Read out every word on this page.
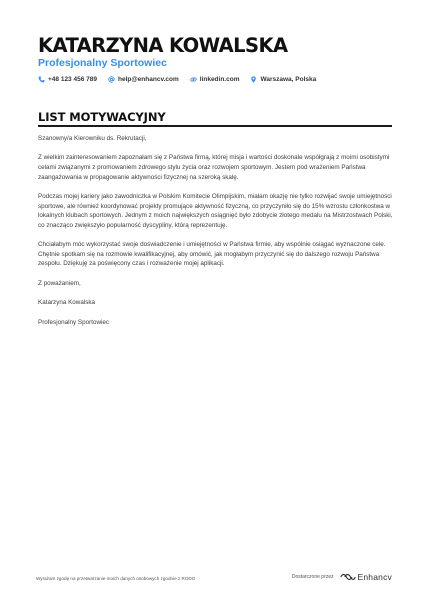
KATARZYNA KOWALSKA
Profesjonalny Sportowiec
+48 123 456 789	help@enhancv.com	linkedin.com	Warszawa, Polska
LIST MOTYWACYJNY

Szanowny/a Kierowniku ds. Rekrutacji,

Z wielkim zainteresowaniem zapoznałam się z Państwa firmą, której misja i wartości doskonale współgrają z moimi osobistymi celami związanymi z promowaniem zdrowego stylu życia oraz rozwojem sportowym. Jestem pod wrażeniem Państwa zaangażowania w propagowanie aktywności fizycznej na szeroką skalę.

Podczas mojej kariery jako zawodniczka w Polskim Komitecie Olimpijskim, miałam okazję nie tylko rozwijać swoje umiejętności sportowe, ale również koordynować projekty promujące aktywność fizyczną, co przyczyniło się do 15% wzrostu członkostwa w lokalnych klubach sportowych. Jednym z moich największych osiągnięć było zdobycie złotego medalu na Mistrzostwach Polski, co znacząco zwiększyło popularność dyscypliny, którą reprezentuję.

Chciałabym móc wykorzystać swoje doświadczenie i umiejętności w Państwa firmie, aby wspólnie osiągać wyznaczone cele. Chętnie spotkam się na rozmowie kwalifikacyjnej, aby omówić, jak mogłabym przyczynić się do dalszego rozwoju Państwa zespołu. Dziękuję za poświęcony czas i rozważenie mojej aplikacji.

Z poważaniem,

Katarzyna Kowalska

Profesjonalny Sportowiec

Wyrażam zgodę na przetwarzanie moich danych osobowych zgodnie z RODO	Dostarczone przez	Enhancv
